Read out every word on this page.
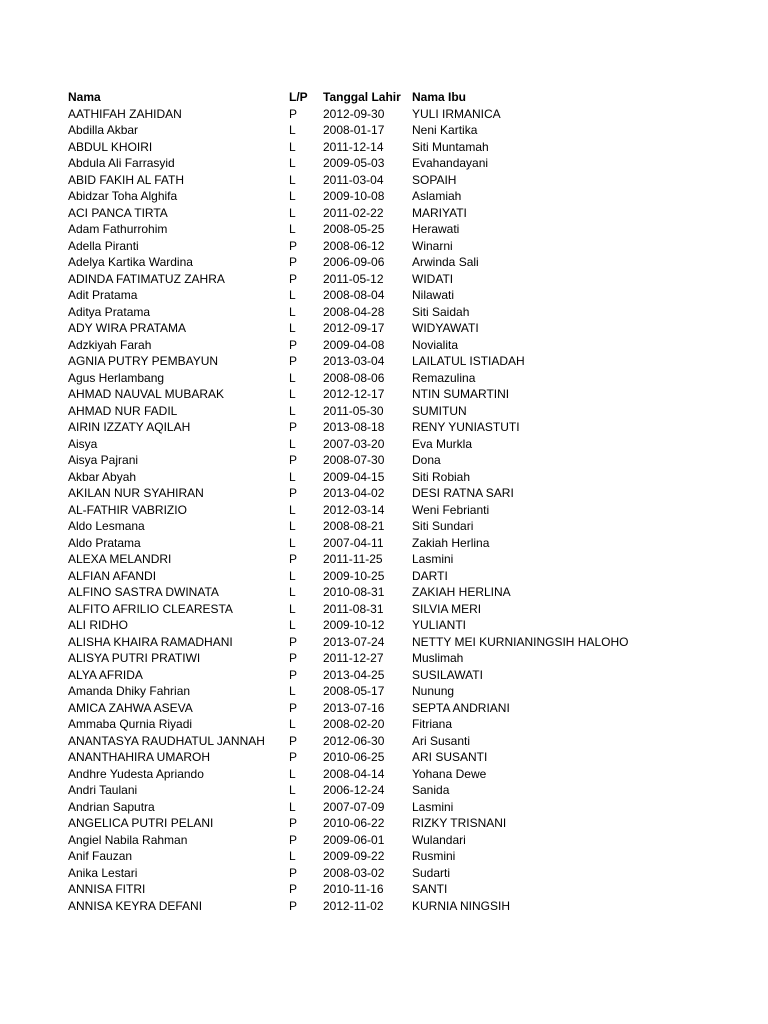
Nama	L/P Tanggal Lahir Nama Ibu
AATHIFAH ZAHIDAN	P 2012-09-30 YULI IRMANICA
Abdilla Akbar	L 2008-01-17 Neni Kartika
ABDUL KHOIRI	L 2011-12-14 Siti Muntamah
Abdula Ali Farrasyid	L 2009-05-03 Evahandayani
ABID FAKIH AL FATH	L 2011-03-04 SOPAIH
Abidzar Toha Alghifa	L 2009-10-08 Aslamiah
ACI PANCA TIRTA	L 2011-02-22 MARIYATI
Adam Fathurrohim	L 2008-05-25 Herawati
Adella Piranti	P 2008-06-12 Winarni
Adelya Kartika Wardina	P 2006-09-06 Arwinda Sali
ADINDA FATIMATUZ ZAHRA	P 2011-05-12 WIDATI
Adit Pratama	L 2008-08-04 Nilawati
Aditya Pratama	L 2008-04-28 Siti Saidah
ADY WIRA PRATAMA	L 2012-09-17 WIDYAWATI
Adzkiyah Farah	P 2009-04-08 Novialita
AGNIA PUTRY PEMBAYUN	P 2013-03-04 LAILATUL ISTIADAH
Agus Herlambang	L 2008-08-06 Remazulina
AHMAD NAUVAL MUBARAK	L 2012-12-17 NTIN SUMARTINI
AHMAD NUR FADIL	L 2011-05-30 SUMITUN
AIRIN IZZATY AQILAH	P 2013-08-18 RENY YUNIASTUTI
Aisya	L 2007-03-20 Eva Murkla
Aisya Pajrani	P 2008-07-30 Dona
Akbar Abyah	L 2009-04-15 Siti Robiah
AKILAN NUR SYAHIRAN	P 2013-04-02 DESI RATNA SARI
AL-FATHIR VABRIZIO	L 2012-03-14 Weni Febrianti
Aldo Lesmana	L 2008-08-21 Siti Sundari
Aldo Pratama	L 2007-04-11 Zakiah Herlina
ALEXA MELANDRI	P 2011-11-25 Lasmini
ALFIAN AFANDI	L 2009-10-25 DARTI
ALFINO SASTRA DWINATA	L 2010-08-31 ZAKIAH HERLINA
ALFITO AFRILIO CLEARESTA	L 2011-08-31 SILVIA MERI
ALI RIDHO	L 2009-10-12 YULIANTI
ALISHA KHAIRA RAMADHANI	P 2013-07-24 NETTY MEI KURNIANINGSIH HALOHO
ALISYA PUTRI PRATIWI	P 2011-12-27 Muslimah
ALYA AFRIDA	P 2013-04-25 SUSILAWATI
Amanda Dhiky Fahrian	L 2008-05-17 Nunung
AMICA ZAHWA ASEVA	P 2013-07-16 SEPTA ANDRIANI
Ammaba Qurnia Riyadi	L 2008-02-20 Fitriana
ANANTASYA RAUDHATUL JANNAH P 2012-06-30 Ari Susanti
ANANTHAHIRA UMAROH	P 2010-06-25 ARI SUSANTI
Andhre Yudesta Apriando	L 2008-04-14 Yohana Dewe
Andri Taulani	L 2006-12-24 Sanida
Andrian Saputra	L 2007-07-09 Lasmini
ANGELICA PUTRI PELANI	P 2010-06-22 RIZKY TRISNANI
Angiel Nabila Rahman	P 2009-06-01 Wulandari
Anif Fauzan	L 2009-09-22 Rusmini
Anika Lestari	P 2008-03-02 Sudarti
ANNISA FITRI	P 2010-11-16 SANTI
ANNISA KEYRA DEFANI	P 2012-11-02 KURNIA NINGSIH
